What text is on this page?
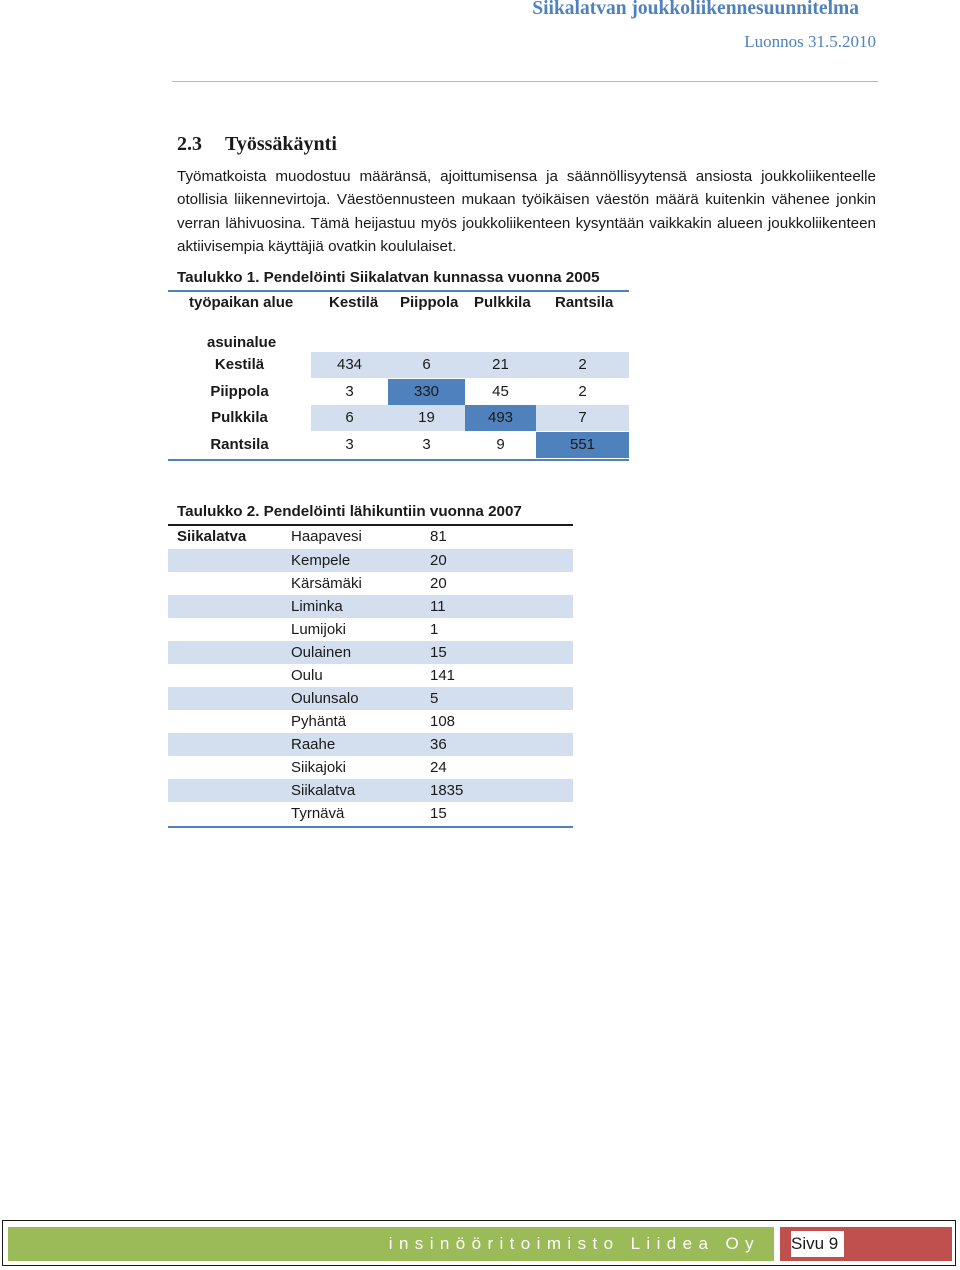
Siikalatvan joukkoliikennesuunnitelma
Luonnos 31.5.2010
2.3 Työssäkäynti
Työmatkoista muodostuu määränsä, ajoittumisensa ja säännöllisyytensä ansiosta joukkoliikenteelle otollisia liikennevirtoja. Väestöennusteen mukaan työikäisen väestön määrä kuitenkin vähenee jonkin verran lähivuosina. Tämä heijastuu myös joukkoliikenteen kysyntään vaikkakin alueen joukkoliikenteen aktiivisempia käyttäjiä ovatkin koululaiset.
Taulukko 1. Pendelöinti Siikalatvan kunnassa vuonna 2005
työpaikan alue Kestilä Piippola Pulkkila Rantsila
asuinalue
Kestilä	434	6	21	2
Piippola	3	330	45	2
Pulkkila	6	19	493	7
Rantsila	3	3	9	551
Taulukko 2. Pendelöinti lähikuntiin vuonna 2007
Siikalatva	Haapavesi	81
Kempele	20
Kärsämäki	20
Liminka	11
Lumijoki	1
Oulainen	15
Oulu	141
Oulunsalo	5
Pyhäntä	108
Raahe	36
Siikajoki	24
Siikalatva	1835
Tyrnävä	15
insinööritoimisto Liidea Oy	Sivu 9
